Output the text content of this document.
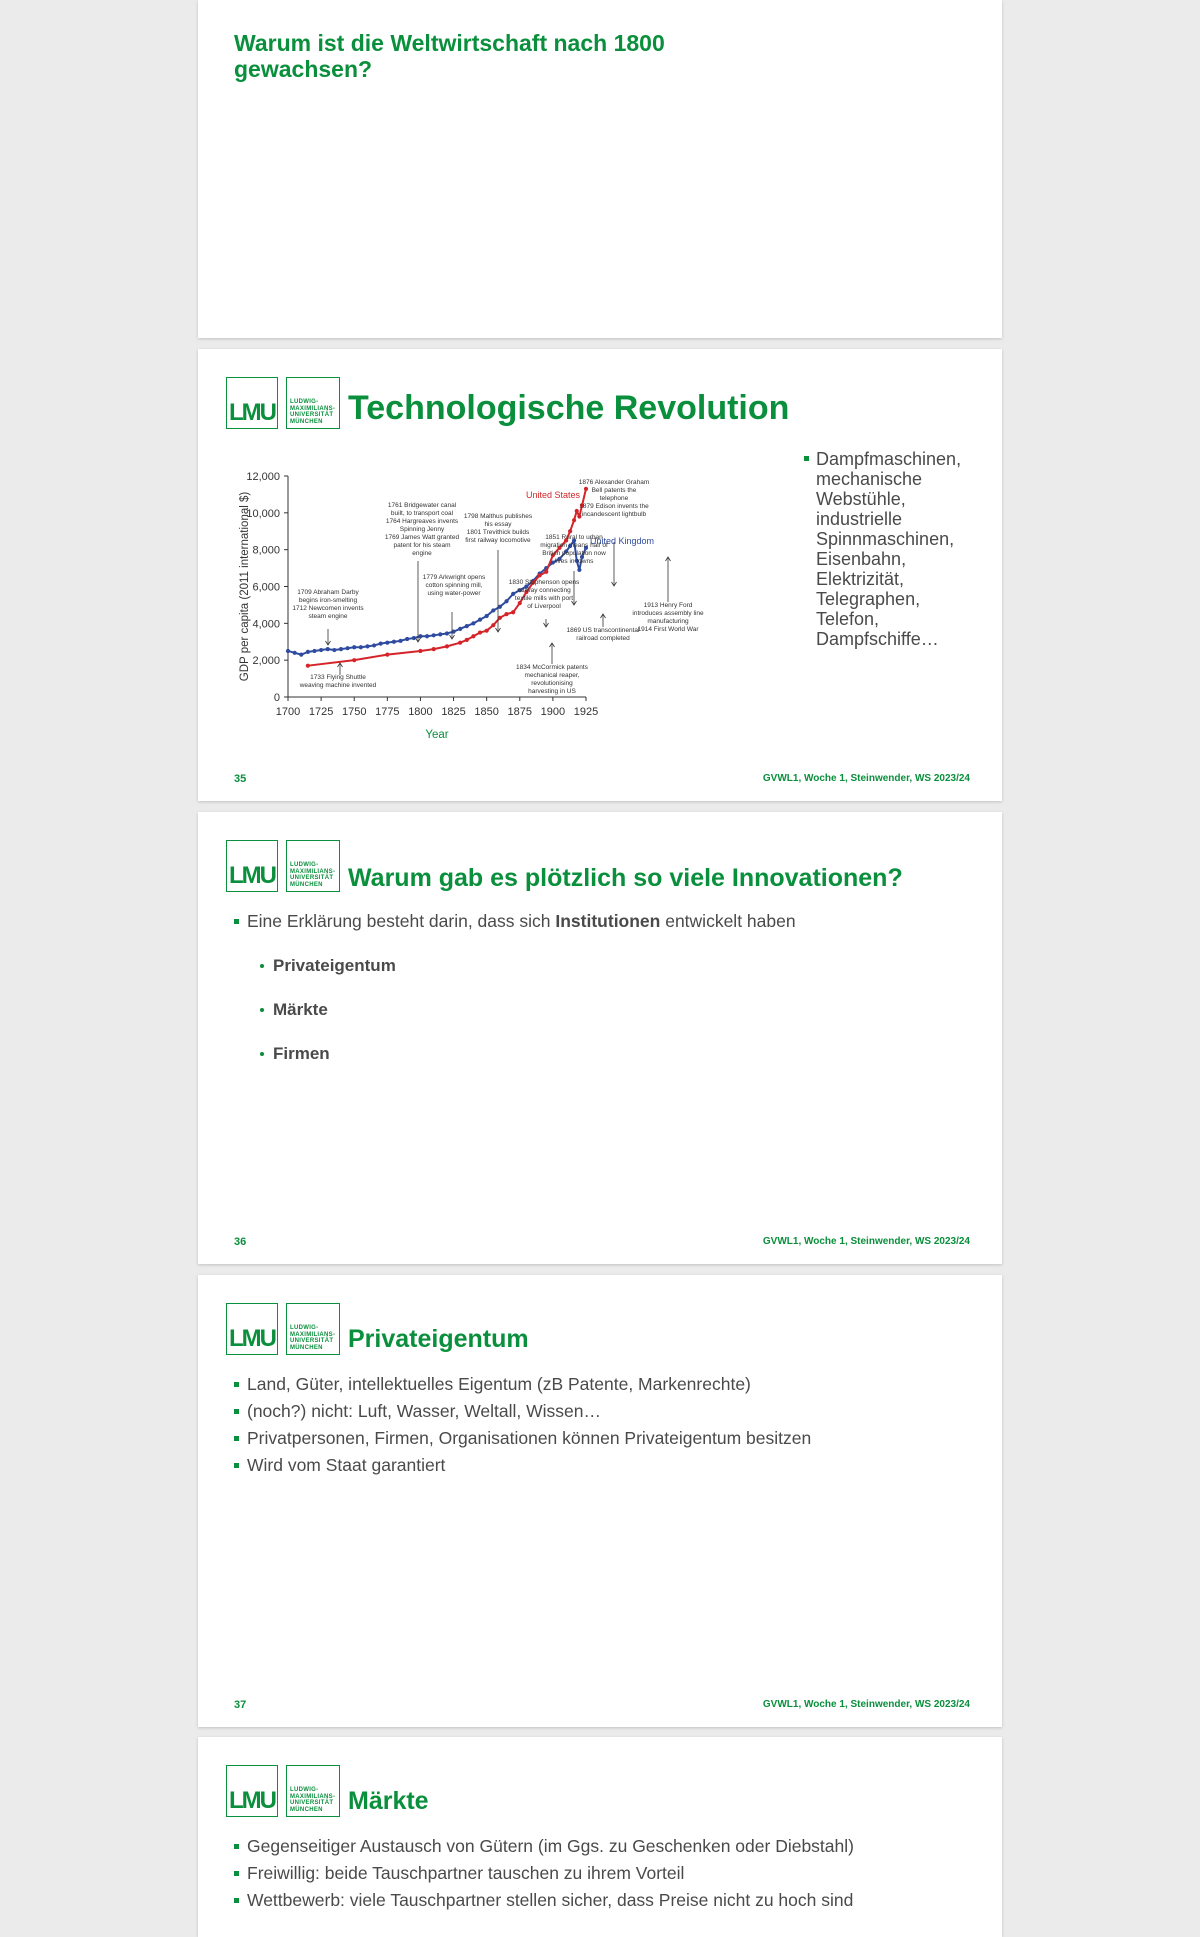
Warum ist die Weltwirtschaft nach 1800 gewachsen?
LMU	LUDWIG-
MAXIMILIANS-
UNIVERSITÄT
MÜNCHEN Technologische Revolution
0
2,000
4,000
6,000
8,000
10,000
12,000
1700 1725 1750 1775 1800 1825 1850 1875 1900 1925
GDP per capita (2011 international $)
Year
United States
United Kingdom
1709 Abraham Darby begins iron-smelting 1712 Newcomen invents steam engine
1733 Flying Shuttle weaving machine invented
1761 Bridgewater canal built, to transport coal 1764 Hargreaves invents Spinning Jenny 1769 James Watt granted patent for his steam engine
1779 Arkwright opens cotton spinning mill, using water-power
1798 Malthus publishes his essay 1801 Trevithick builds first railway locomotive
1830 Stephenson opens railway connecting textile mills with port of Liverpool
1834 McCormick patents mechanical reaper, revolutionising harvesting in US
1851 Rural to urban migration means half of British population now lives in towns
1869 US transcontinental railroad completed
1876 Alexander Graham Bell patents the telephone 1879 Edison invents the incandescent lightbulb
1913 Henry Ford introduces assembly line manufacturing 1914 First World War
Dampfmaschinen,
mechanische
Webstühle,
industrielle
Spinnmaschinen,
Eisenbahn,
Elektrizität,
Telegraphen,
Telefon,
Dampfschiffe…
35	GVWL1, Woche 1, Steinwender, WS 2023/24
LMU	LUDWIG-
MAXIMILIANS-
UNIVERSITÄT
MÜNCHEN	Warum gab es plötzlich so viele Innovationen?
Eine Erklärung besteht darin, dass sich Institutionen entwickelt haben
Privateigentum
Märkte
Firmen
36	GVWL1, Woche 1, Steinwender, WS 2023/24
LMU	LUDWIG-
MAXIMILIANS-
UNIVERSITÄT
MÜNCHEN	Privateigentum
Land, Güter, intellektuelles Eigentum (zB Patente, Markenrechte)
(noch?) nicht: Luft, Wasser, Weltall, Wissen…
Privatpersonen, Firmen, Organisationen können Privateigentum besitzen
Wird vom Staat garantiert
37	GVWL1, Woche 1, Steinwender, WS 2023/24
LMU	LUDWIG-
MAXIMILIANS-
UNIVERSITÄT
MÜNCHEN	Märkte
Gegenseitiger Austausch von Gütern (im Ggs. zu Geschenken oder Diebstahl)
Freiwillig: beide Tauschpartner tauschen zu ihrem Vorteil
Wettbewerb: viele Tauschpartner stellen sicher, dass Preise nicht zu hoch sind
